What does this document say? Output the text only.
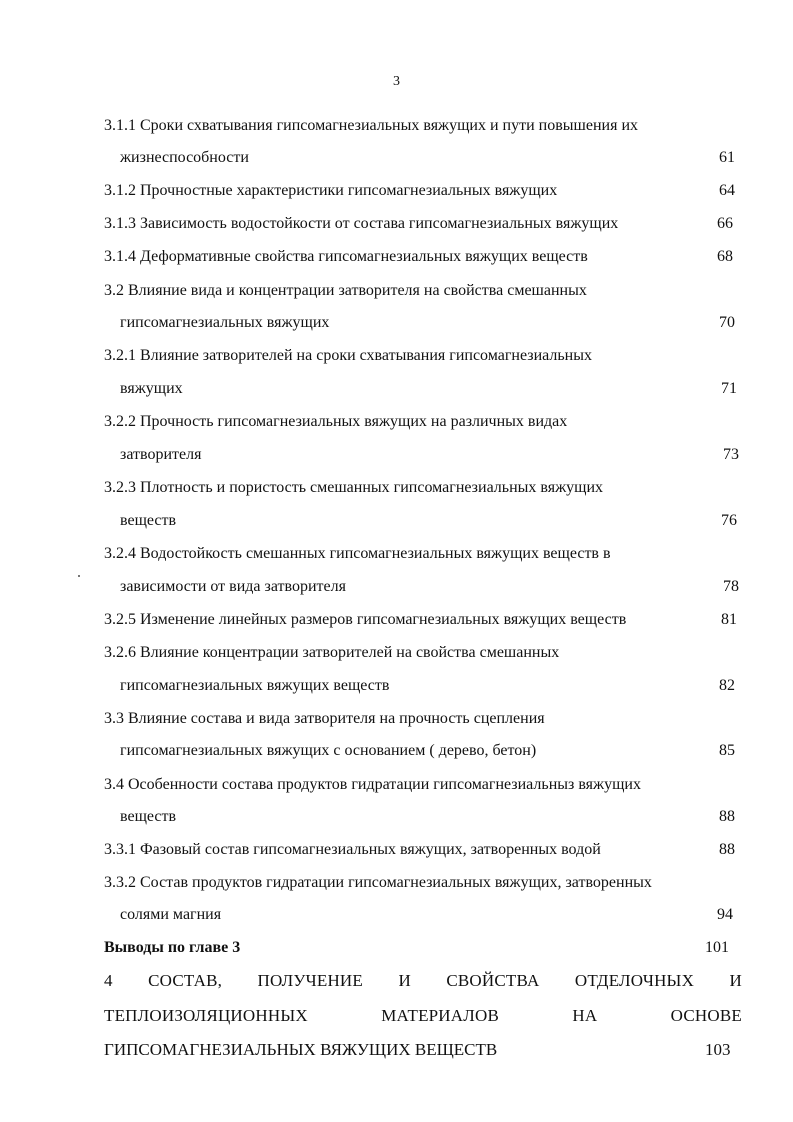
3
3.1.1 Сроки схватывания гипсомагнезиальных вяжущих и пути повышения их
жизнеспособности	61
3.1.2 Прочностные характеристики гипсомагнезиальных вяжущих	64
3.1.3 Зависимость водостойкости от состава гипсомагнезиальных вяжущих	66
3.1.4 Деформативные свойства гипсомагнезиальных вяжущих веществ	68
3.2 Влияние вида и концентрации затворителя на свойства смешанных
гипсомагнезиальных вяжущих	70
3.2.1 Влияние затворителей на сроки схватывания гипсомагнезиальных
вяжущих	71
3.2.2 Прочность гипсомагнезиальных вяжущих на различных видах
затворителя	73
3.2.3 Плотность и пористость смешанных гипсомагнезиальных вяжущих
веществ	76
3.2.4 Водостойкость смешанных гипсомагнезиальных вяжущих веществ в
зависимости от вида затворителя	78
3.2.5 Изменение линейных размеров гипсомагнезиальных вяжущих веществ	81
3.2.6 Влияние концентрации затворителей на свойства смешанных
гипсомагнезиальных вяжущих веществ	82
3.3 Влияние состава и вида затворителя на прочность сцепления
гипсомагнезиальных вяжущих с основанием ( дерево, бетон)	85
3.4 Особенности состава продуктов гидратации гипсомагнезиальныз вяжущих
веществ	88
3.3.1 Фазовый состав гипсомагнезиальных вяжущих, затворенных водой	88
3.3.2 Состав продуктов гидратации гипсомагнезиальных вяжущих, затворенных
солями магния	94
Выводы по главе 3	101
4 СОСТАВ, ПОЛУЧЕНИЕ И СВОЙСТВА ОТДЕЛОЧНЫХ И
ТЕПЛОИЗОЛЯЦИОННЫХ	МАТЕРИАЛОВ	НА	ОСНОВЕ
ГИПСОМАГНЕЗИАЛЬНЫХ ВЯЖУЩИХ ВЕЩЕСТВ	103
